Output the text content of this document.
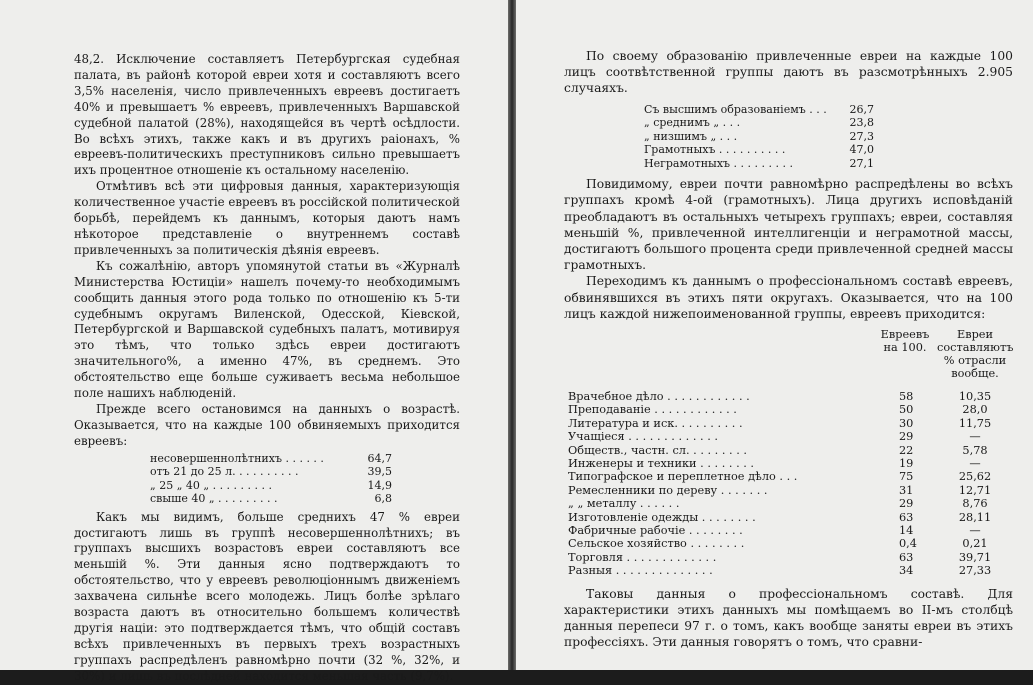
48,2. Исключение составляетъ Петербургская судебная палата, въ районѣ которой евреи хотя и составляютъ всего 3,5% населенія, число привлеченныхъ евреевъ достигаетъ 40% и превышаетъ % евреевъ, привлеченныхъ Варшавской судебной палатой (28%), находящейся въ чертѣ осѣдлости. Во всѣхъ этихъ, также какъ и въ другихъ раіонахъ, % евреевъ-политическихъ преступниковъ сильно превышаетъ ихъ процентное отношеніе къ остальному населенію.

Отмѣтивъ всѣ эти цифровыя данныя, характеризующія количественное участіе евреевъ въ россійской политической борьбѣ, перейдемъ къ даннымъ, которыя даютъ намъ нѣкоторое представленіе о внутреннемъ составѣ привлеченныхъ за политическія дѣянія евреевъ.

Къ сожалѣнію, авторъ упомянутой статьи въ «Журналѣ Министерства Юстиціи» нашелъ почему-то необходимымъ сообщить данныя этого рода только по отношенію къ 5-ти судебнымъ округамъ Виленской, Одесской, Кіевской, Петербургской и Варшавской судебныхъ палатъ, мотивируя это тѣмъ, что только здѣсь евреи достигаютъ значительного%, а именно 47%, въ среднемъ. Это обстоятельство еще больше суживаетъ весьма небольшое поле нашихъ наблюденій.

Прежде всего остановимся на данныхъ о возрастѣ. Оказывается, что на каждые 100 обвиняемыхъ приходится евреевъ:

несовершеннолѣтнихъ . . . . . .	64,7
отъ 21 до 25 л. . . . . . . . . .	39,5
„ 25 „ 40 „ . . . . . . . . .	14,9
свыше 40 „ . . . . . . . . .	6,8

Какъ мы видимъ, больше среднихъ 47 % евреи достигаютъ лишь въ группѣ несовершеннолѣтнихъ; въ группахъ высшихъ возрастовъ евреи составляютъ все меньшій %. Эти данныя ясно подтверждаютъ то обстоятельство, что у евреевъ революціоннымъ движеніемъ захвачена сильнѣе всего молодежь. Лицъ болѣе зрѣлаго возраста даютъ въ относительно большемъ количествѣ другія націи: это подтверждается тѣмъ, что общій составъ всѣхъ привлеченныхъ въ первыхъ трехъ возрастныхъ группахъ распредѣленъ равномѣрно почти (32 %, 32%, и 30%) и лишь въ послѣдней находится меньшая часть (9,7%).

По своему образованію привлеченные евреи на каждые 100 лицъ соотвѣтственной группы даютъ въ разсмотрѣнныхъ 2.905 случаяхъ.

Съ высшимъ образованіемъ . . .	26,7
„ среднимъ „ . . .	23,8
„ низшимъ „ . . .	27,3
Грамотныхъ . . . . . . . . . .	47,0
Неграмотныхъ . . . . . . . . .	27,1

Повидимому, евреи почти равномѣрно распредѣлены во всѣхъ группахъ кромѣ 4-ой (грамотныхъ). Лица другихъ исповѣданій преобладаютъ въ остальныхъ четырехъ группахъ; евреи, составляя меньшій %, привлеченной интеллигенціи и неграмотной массы, достигаютъ большого процента среди привлеченной средней массы грамотныхъ.

Переходимъ къ даннымъ о профессіональномъ составѣ евреевъ, обвинявшихся въ этихъ пяти округахъ. Оказывается, что на 100 лицъ каждой нижепоименованной группы, евреевъ приходится:

Евреевъ на 100.
Евреи составляютъ % отрасли вообще.
Врачебное дѣло . . . . . . . . . . . .	58	10,35
Преподаваніе . . . . . . . . . . . .	50	28,0
Литература и иск. . . . . . . . . .	30	11,75
Учащіеся . . . . . . . . . . . . .	29	—
Обществ., частн. сл. . . . . . . . .	22	5,78
Инженеры и техники . . . . . . . .	19	—
Типографское и переплетное дѣло . . .	75	25,62
Ремесленники по дереву . . . . . . .	31	12,71
„ „ металлу . . . . . .	29	8,76
Изготовленіе одежды . . . . . . . .	63	28,11
Фабричные рабочіе . . . . . . . .	14	—
Сельское хозяйство . . . . . . . .	0,4	0,21
Торговля . . . . . . . . . . . . .	63	39,71
Разныя . . . . . . . . . . . . . .	34	27,33

Таковы данныя о профессіональномъ составѣ. Для характеристики этихъ данныхъ мы помѣщаемъ во II-мъ столбцѣ данныя перепеси 97 г. о томъ, какъ вообще заняты евреи въ этихъ профессіяхъ. Эти данныя говорятъ о томъ, что сравни-
